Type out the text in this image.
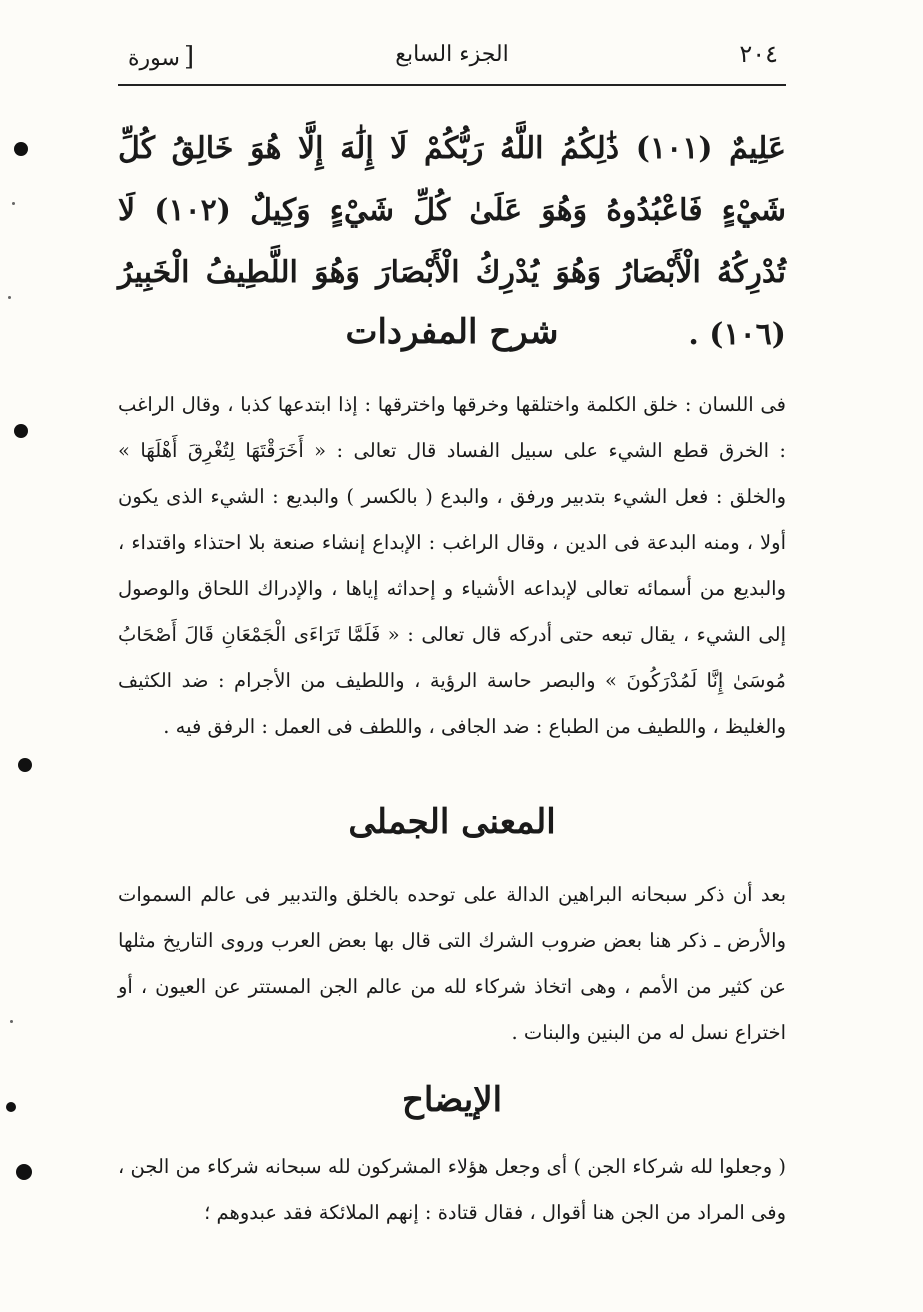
٢٠٤
الجزء السابع
[سورة
عَلِيمٌ (١٠١) ذَٰلِكُمُ اللَّهُ رَبُّكُمْ لَا إِلَٰهَ إِلَّا هُوَ خَالِقُ كُلِّ شَيْءٍ فَاعْبُدُوهُ وَهُوَ عَلَىٰ كُلِّ شَيْءٍ وَكِيلٌ (١٠٢) لَا تُدْرِكُهُ الْأَبْصَارُ وَهُوَ يُدْرِكُ الْأَبْصَارَ وَهُوَ اللَّطِيفُ الْخَبِيرُ (١٠٦) .
شرح المفردات
فى اللسان : خلق الكلمة واختلقها وخرقها واخترقها : إذا ابتدعها كذبا ، وقال الراغب : الخرق قطع الشيء على سبيل الفساد قال تعالى : « أَخَرَقْتَهَا لِتُغْرِقَ أَهْلَهَا » والخلق : فعل الشيء بتدبير ورفق ، والبدع ( بالكسر ) والبديع : الشيء الذى يكون أولا ، ومنه البدعة فى الدين ، وقال الراغب : الإبداع إنشاء صنعة بلا احتذاء واقتداء ، والبديع من أسمائه تعالى لإبداعه الأشياء و إحداثه إياها ، والإدراك اللحاق والوصول إلى الشيء ، يقال تبعه حتى أدركه قال تعالى : « فَلَمَّا تَرَاءَى الْجَمْعَانِ قَالَ أَصْحَابُ مُوسَىٰ إِنَّا لَمُدْرَكُونَ » والبصر حاسة الرؤية ، واللطيف من الأجرام : ضد الكثيف والغليظ ، واللطيف من الطباع : ضد الجافى ، واللطف فى العمل : الرفق فيه .
المعنى الجملى
بعد أن ذكر سبحانه البراهين الدالة على توحده بالخلق والتدبير فى عالم السموات والأرض ـ ذكر هنا بعض ضروب الشرك التى قال بها بعض العرب وروى التاريخ مثلها عن كثير من الأمم ، وهى اتخاذ شركاء لله من عالم الجن المستتر عن العيون ، أو اختراع نسل له من البنين والبنات .
الإيضاح
( وجعلوا لله شركاء الجن ) أى وجعل هؤلاء المشركون لله سبحانه شركاء من الجن ، وفى المراد من الجن هنا أقوال ، فقال قتادة : إنهم الملائكة فقد عبدوهم ؛
